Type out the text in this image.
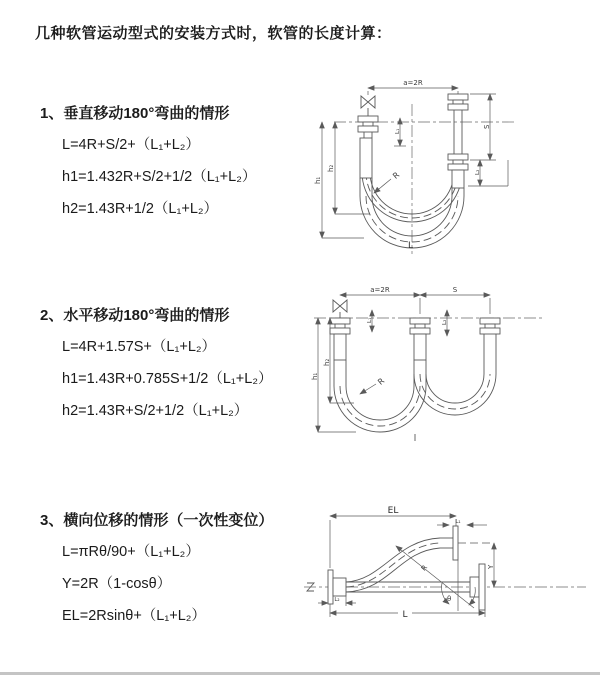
几种软管运动型式的安装方式时，软管的长度计算：
1、垂直移动180°弯曲的情形
L=4R+S/2+（L₁+L₂）
h1=1.432R+S/2+1/2（L₁+L₂）
h2=1.43R+1/2（L₁+L₂）
2、水平移动180°弯曲的情形
L=4R+1.57S+（L₁+L₂）
h1=1.43R+0.785S+1/2（L₁+L₂）
h2=1.43R+S/2+1/2（L₁+L₂）
3、横向位移的情形（一次性变位）
L=πRθ/90+（L₁+L₂）
Y=2R（1-cosθ）
EL=2Rsinθ+（L₁+L₂）
a=2R
h₁
h₂
L₁
S
L₂
R
L
a=2R	S
h₁
h₂
L₁	L₂
R
θ
R
EL
L₁
Y
L
L₂
